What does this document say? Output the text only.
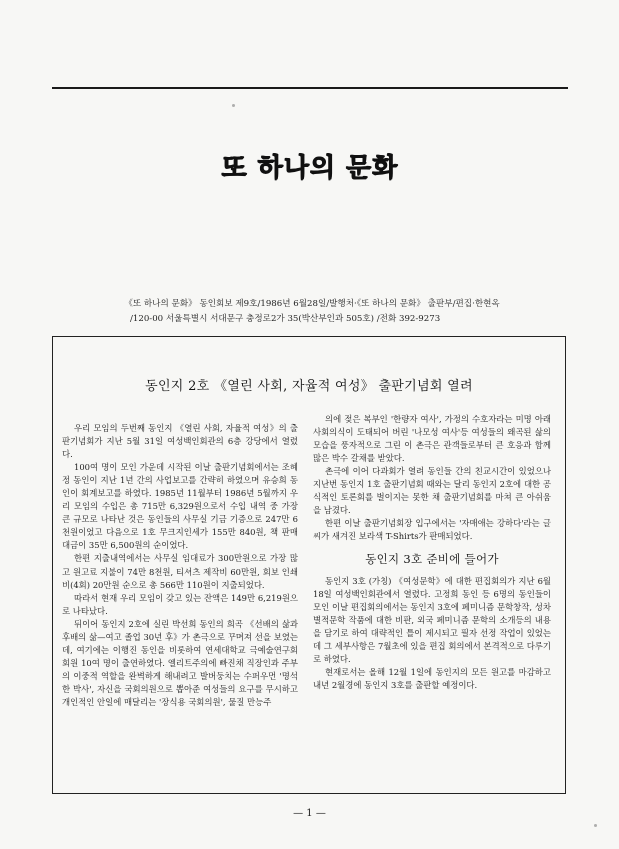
또 하나의 문화
《또 하나의 문화》 동인회보 제9호/1986년 6월28일/발행처·《또 하나의 문화》 출판부/편집·한현옥
/120-00 서울특별시 서대문구 충정로2가 35(박산부인과 505호) /전화 392-9273
동인지 2호 《열린 사회, 자율적 여성》 출판기념회 열려

우리 모임의 두번째 동인지 《열린 사회, 자율적 여성》의 출판기념회가 지난 5월 31일 여성백인회관의 6층 강당에서 열렸다.

100여 명이 모인 가운데 시작된 이날 출판기념회에서는 조혜정 동인이 지난 1년 간의 사업보고를 간략히 하였으며 유승희 동인이 회계보고를 하였다. 1985년 11월부터 1986년 5월까지 우리 모임의 수입은 총 715만 6,329원으로서 수입 내역 중 가장 큰 규모로 나타난 것은 동인들의 사무실 기금 기증으로 247만 6천원이었고 다음으로 1호 무크지인세가 155만 840원, 책 판매대금이 35만 6,500원의 순이었다.

한편 지출내역에서는 사무실 임대료가 300만원으로 가장 많고 원고료 지불이 74만 8천원, 티셔츠 제작비 60만원, 회보 인쇄비(4회) 20만원 순으로 총 566만 110원이 지출되었다.

따라서 현재 우리 모임이 갖고 있는 잔액은 149만 6,219원으로 나타났다.

뒤이어 동인지 2호에 실린 박선희 동인의 희곡 《선배의 삶과 후배의 삶—여고 졸업 30년 후》가 촌극으로 꾸며져 선을 보였는데, 여기에는 이행진 동인을 비롯하여 연세대학교 극예술연구회 회원 10여 명이 출연하였다. 엘리트주의에 빠진채 직장인과 주부의 이중적 역할을 완벽하게 해내려고 발버둥치는 수퍼우먼 '명석한 박사', 자신을 국회의원으로 뽑아준 여성들의 요구를 무시하고 개인적인 안일에 매달리는 '장식용 국회의원', 물질 만능주

의에 젖은 복부인 '한량자 여사', 가정의 수호자라는 미명 아래 사회의식이 도태되어 버린 '나모성 여사'등 여성들의 왜곡된 삶의 모습을 풍자적으로 그린 이 촌극은 관객들로부터 큰 호응과 함께 많은 박수 갈채를 받았다.

촌극에 이어 다과회가 열려 동인들 간의 친교시간이 있었으나 지난번 동인지 1호 출판기념회 때와는 달리 동인지 2호에 대한 공식적인 토론회를 벌이지는 못한 채 출판기념회를 마쳐 큰 아쉬움을 남겼다.

한편 이날 출판기념회장 입구에서는 '자매애는 강하다'라는 글씨가 새겨진 보라색 T-Shirts가 판매되었다.

동인지 3호 준비에 들어가

동인지 3호 (가칭) 《여성문학》에 대한 편집회의가 지난 6월 18일 여성백인회관에서 열렸다. 고정희 동인 등 6명의 동인들이 모인 이날 편집회의에서는 동인지 3호에 페미니즘 문학창작, 성차별적문학 작품에 대한 비판, 외국 페미니즘 문학의 소개등의 내용을 담기로 하여 대략적인 틀이 제시되고 필자 선정 작업이 있었는데 그 세부사항은 7월초에 있을 편집 회의에서 본격적으로 다루기로 하였다.

현재로서는 올해 12월 1일에 동인지의 모든 원고를 마감하고 내년 2월경에 동인지 3호를 출판할 예정이다.

— 1 —
